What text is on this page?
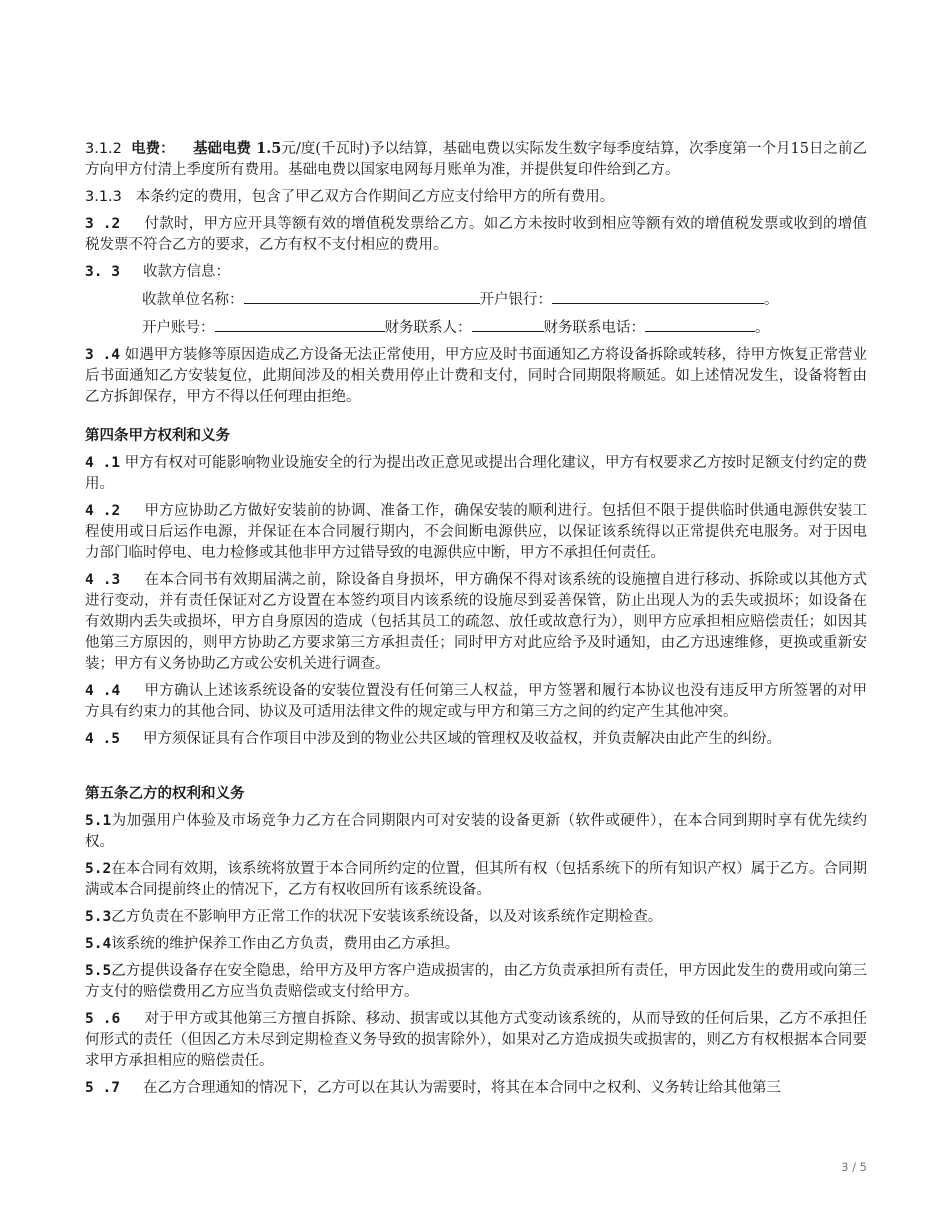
3.1.2 电费： 基础电费 1.5元/度(千瓦时)予以结算，基础电费以实际发生数字每季度结算，次季度第一个月15日之前乙方向甲方付清上季度所有费用。基础电费以国家电网每月账单为准，并提供复印件给到乙方。

3.1.3 本条约定的费用，包含了甲乙双方合作期间乙方应支付给甲方的所有费用。

3 .2 付款时，甲方应开具等额有效的增值税发票给乙方。如乙方未按时收到相应等额有效的增值税发票或收到的增值税发票不符合乙方的要求，乙方有权不支付相应的费用。

3. 3 收款方信息：

收款单位名称：	开户银行：	。

开户账号：	财务联系人：	财务联系电话：	。

3 .4 如遇甲方装修等原因造成乙方设备无法正常使用，甲方应及时书面通知乙方将设备拆除或转移，待甲方恢复正常营业后书面通知乙方安装复位，此期间涉及的相关费用停止计费和支付，同时合同期限将顺延。如上述情况发生，设备将暂由乙方拆卸保存，甲方不得以任何理由拒绝。

第四条甲方权利和义务

4 .1 甲方有权对可能影响物业设施安全的行为提出改正意见或提出合理化建议，甲方有权要求乙方按时足额支付约定的费用。

4 .2 甲方应协助乙方做好安装前的协调、准备工作，确保安装的顺利进行。包括但不限于提供临时供通电源供安装工程使用或日后运作电源，并保证在本合同履行期内，不会间断电源供应，以保证该系统得以正常提供充电服务。对于因电力部门临时停电、电力检修或其他非甲方过错导致的电源供应中断，甲方不承担任何责任。

4 .3 在本合同书有效期届满之前，除设备自身损坏，甲方确保不得对该系统的设施擅自进行移动、拆除或以其他方式进行变动，并有责任保证对乙方设置在本签约项目内该系统的设施尽到妥善保管，防止出现人为的丢失或损坏；如设备在有效期内丢失或损坏，甲方自身原因的造成（包括其员工的疏忽、放任或故意行为），则甲方应承担相应赔偿责任；如因其他第三方原因的，则甲方协助乙方要求第三方承担责任；同时甲方对此应给予及时通知，由乙方迅速维修，更换或重新安装；甲方有义务协助乙方或公安机关进行调查。

4 .4 甲方确认上述该系统设备的安装位置没有任何第三人权益，甲方签署和履行本协议也没有违反甲方所签署的对甲方具有约束力的其他合同、协议及可适用法律文件的规定或与甲方和第三方之间的约定产生其他冲突。

4 .5 甲方须保证具有合作项目中涉及到的物业公共区域的管理权及收益权，并负责解决由此产生的纠纷。

第五条乙方的权利和义务

5.1为加强用户体验及市场竞争力乙方在合同期限内可对安装的设备更新（软件或硬件），在本合同到期时享有优先续约权。

5.2在本合同有效期，该系统将放置于本合同所约定的位置，但其所有权（包括系统下的所有知识产权）属于乙方。合同期满或本合同提前终止的情况下，乙方有权收回所有该系统设备。

5.3乙方负责在不影响甲方正常工作的状况下安装该系统设备，以及对该系统作定期检查。

5.4该系统的维护保养工作由乙方负责，费用由乙方承担。

5.5乙方提供设备存在安全隐患，给甲方及甲方客户造成损害的，由乙方负责承担所有责任，甲方因此发生的费用或向第三方支付的赔偿费用乙方应当负责赔偿或支付给甲方。

5 .6 对于甲方或其他第三方擅自拆除、移动、损害或以其他方式变动该系统的，从而导致的任何后果，乙方不承担任何形式的责任（但因乙方未尽到定期检查义务导致的损害除外），如果对乙方造成损失或损害的，则乙方有权根据本合同要求甲方承担相应的赔偿责任。

5 .7 在乙方合理通知的情况下，乙方可以在其认为需要时，将其在本合同中之权利、义务转让给其他第三

3 / 5
